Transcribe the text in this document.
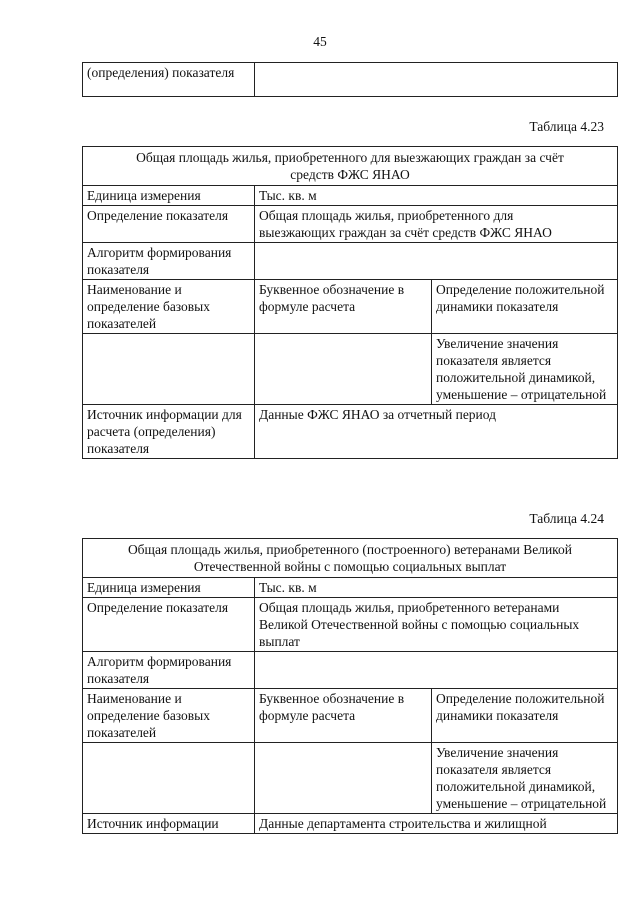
45
(определения) показателя	
Таблица 4.23
Общая площадь жилья, приобретенного для выезжающих граждан за счёт средств ФЖС ЯНАО		
Единица измерения	Тыс. кв. м	
Определение показателя	Общая площадь жилья, приобретенного для выезжающих граждан за счёт средств ФЖС ЯНАО	
Алгоритм формирования показателя		
Наименование и определение базовых показателей	Буквенное обозначение в формуле расчета	Определение положительной динамики показателя
		Увеличение значения показателя является положительной динамикой, уменьшение – отрицательной
Источник информации для расчета (определения) показателя	Данные ФЖС ЯНАО за отчетный период	
Таблица 4.24
Общая площадь жилья, приобретенного (построенного) ветеранами Великой Отечественной войны с помощью социальных выплат		
Единица измерения	Тыс. кв. м	
Определение показателя	Общая площадь жилья, приобретенного ветеранами Великой Отечественной войны с помощью социальных выплат	
Алгоритм формирования показателя		
Наименование и определение базовых показателей	Буквенное обозначение в формуле расчета	Определение положительной динамики показателя
		Увеличение значения показателя является положительной динамикой, уменьшение – отрицательной
Источник информации	Данные департамента строительства и жилищной	
